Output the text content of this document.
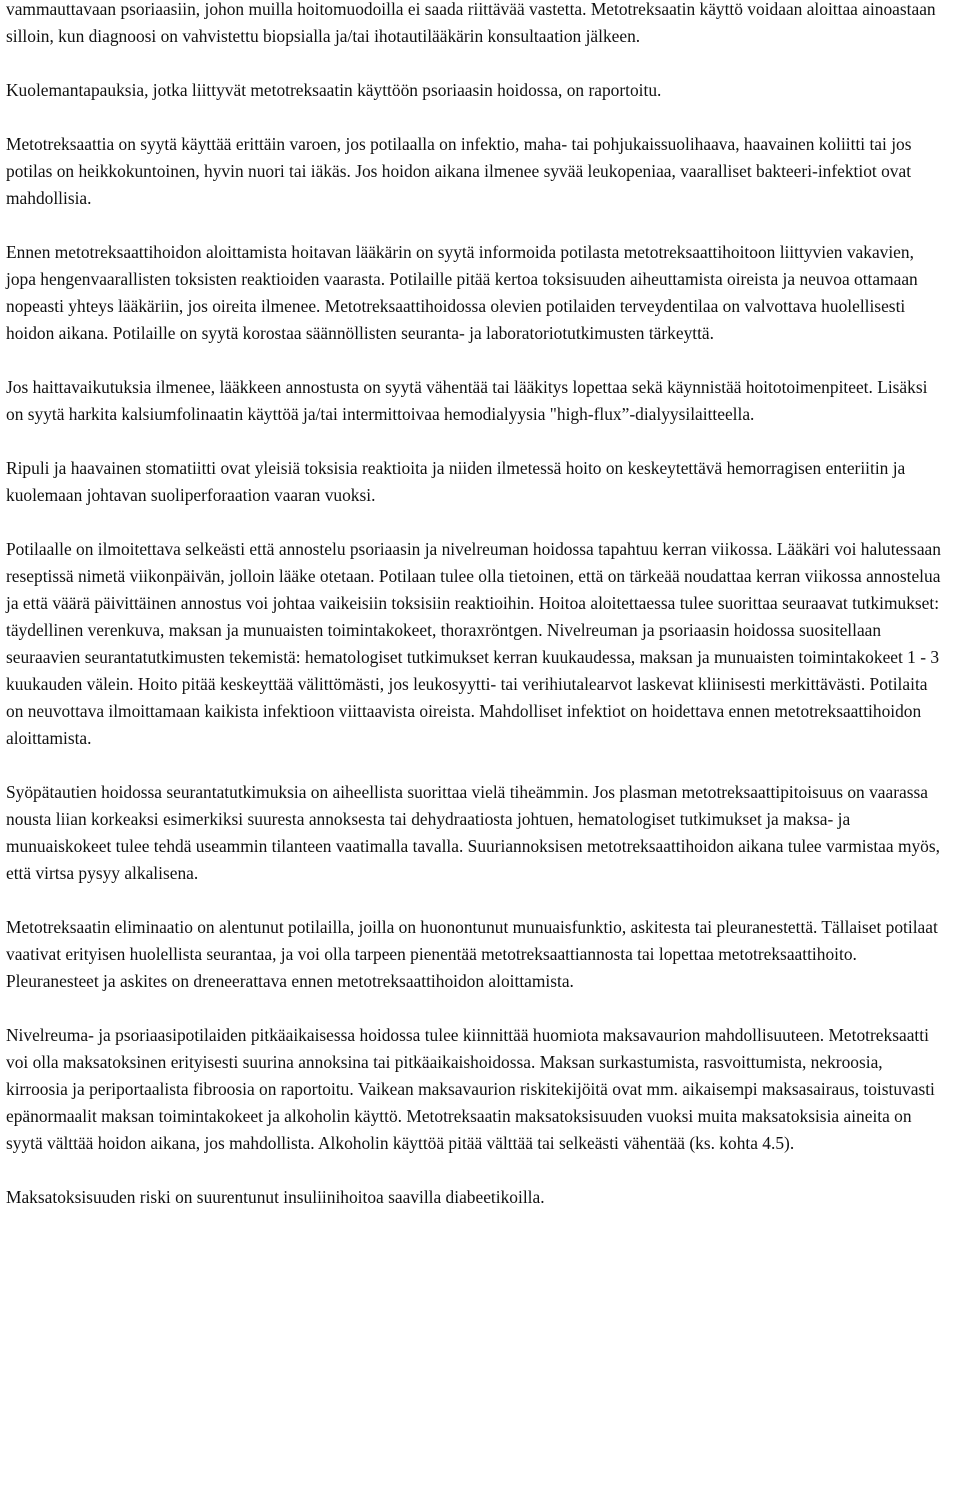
vammauttavaan psoriaasiin, johon muilla hoitomuodoilla ei saada riittävää vastetta. Metotreksaatin käyttö voidaan aloittaa ainoastaan silloin, kun diagnoosi on vahvistettu biopsialla ja/tai ihotautilääkärin konsultaation jälkeen.

Kuolemantapauksia, jotka liittyvät metotreksaatin käyttöön psoriaasin hoidossa, on raportoitu.

Metotreksaattia on syytä käyttää erittäin varoen, jos potilaalla on infektio, maha- tai pohjukaissuolihaava, haavainen koliitti tai jos potilas on heikkokuntoinen, hyvin nuori tai iäkäs. Jos hoidon aikana ilmenee syvää leukopeniaa, vaaralliset bakteeri-infektiot ovat mahdollisia.

Ennen metotreksaattihoidon aloittamista hoitavan lääkärin on syytä informoida potilasta metotreksaattihoitoon liittyvien vakavien, jopa hengenvaarallisten toksisten reaktioiden vaarasta. Potilaille pitää kertoa toksisuuden aiheuttamista oireista ja neuvoa ottamaan nopeasti yhteys lääkäriin, jos oireita ilmenee. Metotreksaattihoidossa olevien potilaiden terveydentilaa on valvottava huolellisesti hoidon aikana. Potilaille on syytä korostaa säännöllisten seuranta- ja laboratoriotutkimusten tärkeyttä.

Jos haittavaikutuksia ilmenee, lääkkeen annostusta on syytä vähentää tai lääkitys lopettaa sekä käynnistää hoitotoimenpiteet. Lisäksi on syytä harkita kalsiumfolinaatin käyttöä ja/tai intermittoivaa hemodialyysia "high-flux”-dialyysilaitteella.

Ripuli ja haavainen stomatiitti ovat yleisiä toksisia reaktioita ja niiden ilmetessä hoito on keskeytettävä hemorragisen enteriitin ja kuolemaan johtavan suoliperforaation vaaran vuoksi.

Potilaalle on ilmoitettava selkeästi että annostelu psoriaasin ja nivelreuman hoidossa tapahtuu kerran viikossa. Lääkäri voi halutessaan reseptissä nimetä viikonpäivän, jolloin lääke otetaan. Potilaan tulee olla tietoinen, että on tärkeää noudattaa kerran viikossa annostelua ja että väärä päivittäinen annostus voi johtaa vaikeisiin toksisiin reaktioihin. Hoitoa aloitettaessa tulee suorittaa seuraavat tutkimukset: täydellinen verenkuva, maksan ja munuaisten toimintakokeet, thoraxröntgen. Nivelreuman ja psoriaasin hoidossa suositellaan seuraavien seurantatutkimusten tekemistä: hematologiset tutkimukset kerran kuukaudessa, maksan ja munuaisten toimintakokeet 1 - 3 kuukauden välein. Hoito pitää keskeyttää välittömästi, jos leukosyytti- tai verihiutalearvot laskevat kliinisesti merkittävästi. Potilaita on neuvottava ilmoittamaan kaikista infektioon viittaavista oireista. Mahdolliset infektiot on hoidettava ennen metotreksaattihoidon aloittamista.

Syöpätautien hoidossa seurantatutkimuksia on aiheellista suorittaa vielä tiheämmin. Jos plasman metotreksaattipitoisuus on vaarassa nousta liian korkeaksi esimerkiksi suuresta annoksesta tai dehydraatiosta johtuen, hematologiset tutkimukset ja maksa- ja munuaiskokeet tulee tehdä useammin tilanteen vaatimalla tavalla. Suuriannoksisen metotreksaattihoidon aikana tulee varmistaa myös, että virtsa pysyy alkalisena.

Metotreksaatin eliminaatio on alentunut potilailla, joilla on huonontunut munuaisfunktio, askitesta tai pleuranestettä. Tällaiset potilaat vaativat erityisen huolellista seurantaa, ja voi olla tarpeen pienentää metotreksaattiannosta tai lopettaa metotreksaattihoito. Pleuranesteet ja askites on dreneerattava ennen metotreksaattihoidon aloittamista.

Nivelreuma- ja psoriaasipotilaiden pitkäaikaisessa hoidossa tulee kiinnittää huomiota maksavaurion mahdollisuuteen. Metotreksaatti voi olla maksatoksinen erityisesti suurina annoksina tai pitkäaikaishoidossa. Maksan surkastumista, rasvoittumista, nekroosia, kirroosia ja periportaalista fibroosia on raportoitu. Vaikean maksavaurion riskitekijöitä ovat mm. aikaisempi maksasairaus, toistuvasti epänormaalit maksan toimintakokeet ja alkoholin käyttö. Metotreksaatin maksatoksisuuden vuoksi muita maksatoksisia aineita on syytä välttää hoidon aikana, jos mahdollista. Alkoholin käyttöä pitää välttää tai selkeästi vähentää (ks. kohta 4.5).

Maksatoksisuuden riski on suurentunut insuliinihoitoa saavilla diabeetikoilla.
